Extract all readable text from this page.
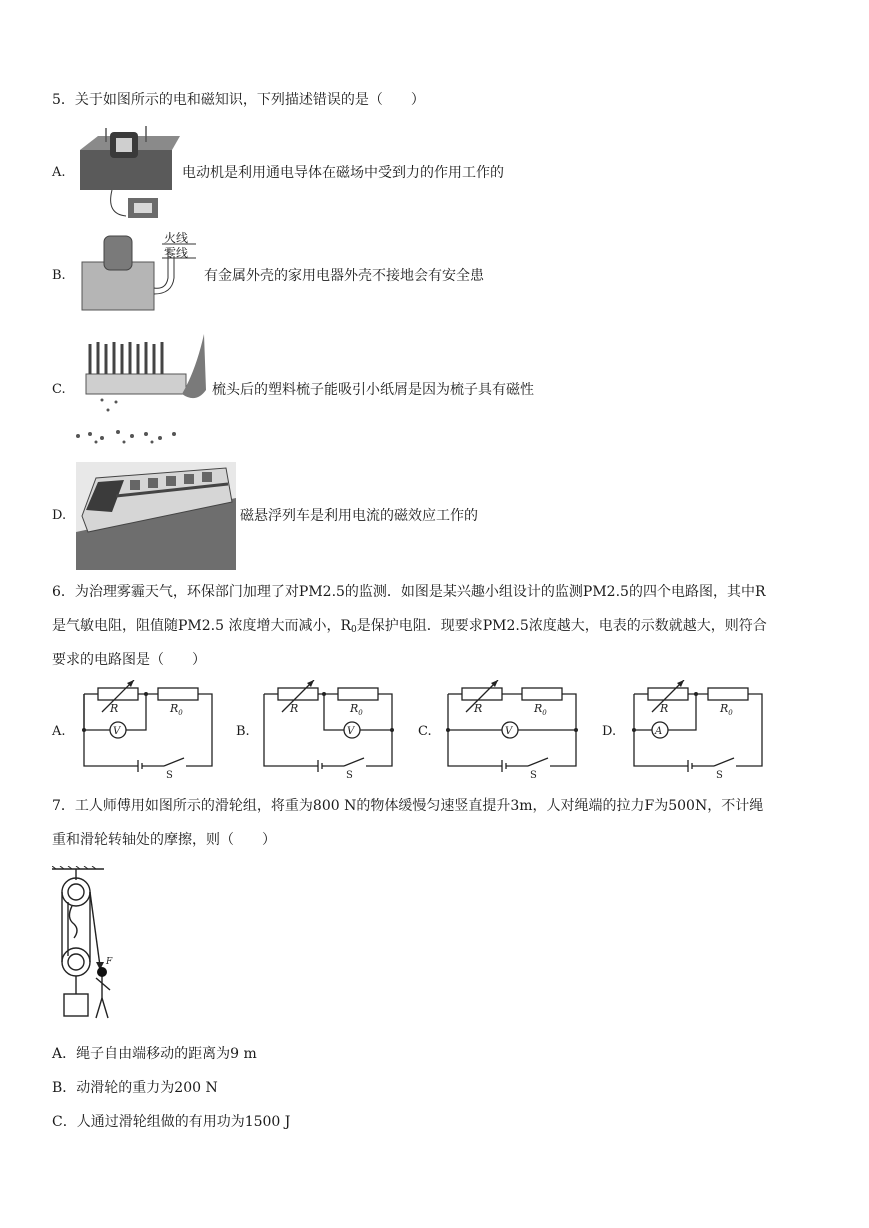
5．关于如图所示的电和磁知识，下列描述错误的是（　　）
A.	电动机是利用通电导体在磁场中受到力的作用工作的
B.
火线
零线
有金属外壳的家用电器外壳不接地会有安全患
C.	梳头后的塑料梳子能吸引小纸屑是因为梳子具有磁性
D.	磁悬浮列车是利用电流的磁效应工作的
6．为治理雾霾天气，环保部门加理了对PM2.5的监测．如图是某兴趣小组设计的监测PM2.5的四个电路图，其中R
是气敏电阻，阻值随PM2.5 浓度增大而减小，$R_0$是保护电阻．现要求PM2.5浓度越大，电表的示数就越大，则符合
要求的电路图是（　　）
A.	V
R	$R_0$
S
B.	V
R	$R_0$
S
C.	V
R	$R_0$
S
D.	A
R	$R_0$
S
7．工人师傅用如图所示的滑轮组，将重为800 N的物体缓慢匀速竖直提升3m，人对绳端的拉力F为500N，不计绳
重和滑轮转轴处的摩擦，则（　　）
F
A．绳子自由端移动的距离为9 m
B．动滑轮的重力为200 N
C．人通过滑轮组做的有用功为1500 J
